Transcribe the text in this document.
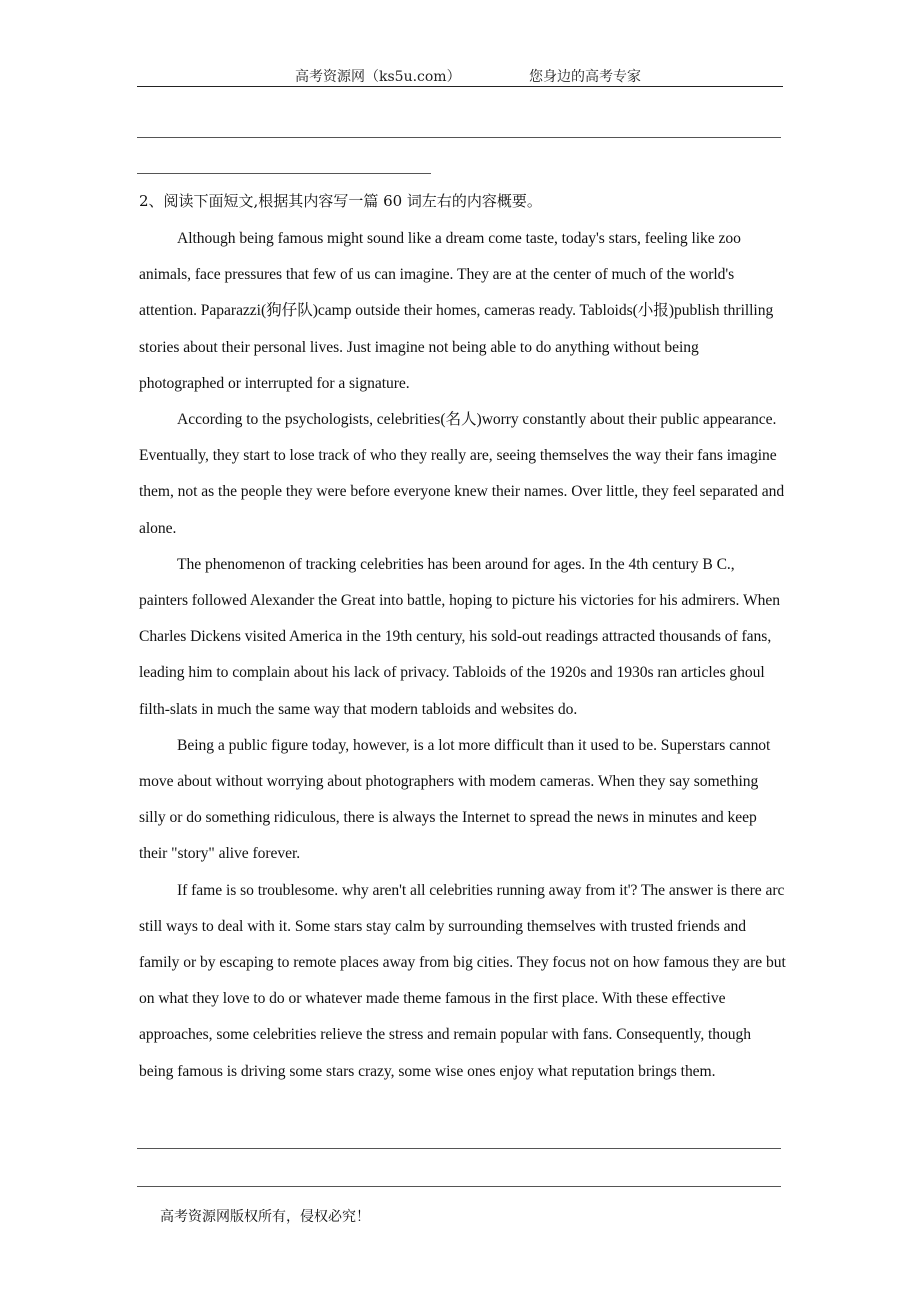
高考资源网（ks5u.com）	您身边的高考专家
2、阅读下面短文,根据其内容写一篇 60 词左右的内容概要。

Although being famous might sound like a dream come taste, today's stars, feeling like zoo animals, face pressures that few of us can imagine. They are at the center of much of the world's attention. Paparazzi(狗仔队)camp outside their homes, cameras ready. Tabloids(小报)publish thrilling stories about their personal lives. Just imagine not being able to do anything without being photographed or interrupted for a signature.

According to the psychologists, celebrities(名人)worry constantly about their public appearance. Eventually, they start to lose track of who they really are, seeing themselves the way their fans imagine them, not as the people they were before everyone knew their names. Over little, they feel separated and alone.

The phenomenon of tracking celebrities has been around for ages. In the 4th century B C., painters followed Alexander the Great into battle, hoping to picture his victories for his admirers. When Charles Dickens visited America in the 19th century, his sold-out readings attracted thousands of fans, leading him to complain about his lack of privacy. Tabloids of the 1920s and 1930s ran articles ghoul filth-slats in much the same way that modern tabloids and websites do.

Being a public figure today, however, is a lot more difficult than it used to be. Superstars cannot move about without worrying about photographers with modem cameras. When they say something silly or do something ridiculous, there is always the Internet to spread the news in minutes and keep their "story" alive forever.

If fame is so troublesome. why aren't all celebrities running away from it'? The answer is there arc still ways to deal with it. Some stars stay calm by surrounding themselves with trusted friends and family or by escaping to remote places away from big cities. They focus not on how famous they are but on what they love to do or whatever made theme famous in the first place. With these effective approaches, some celebrities relieve the stress and remain popular with fans. Consequently, though being famous is driving some stars crazy, some wise ones enjoy what reputation brings them.

高考资源网版权所有，侵权必究！
